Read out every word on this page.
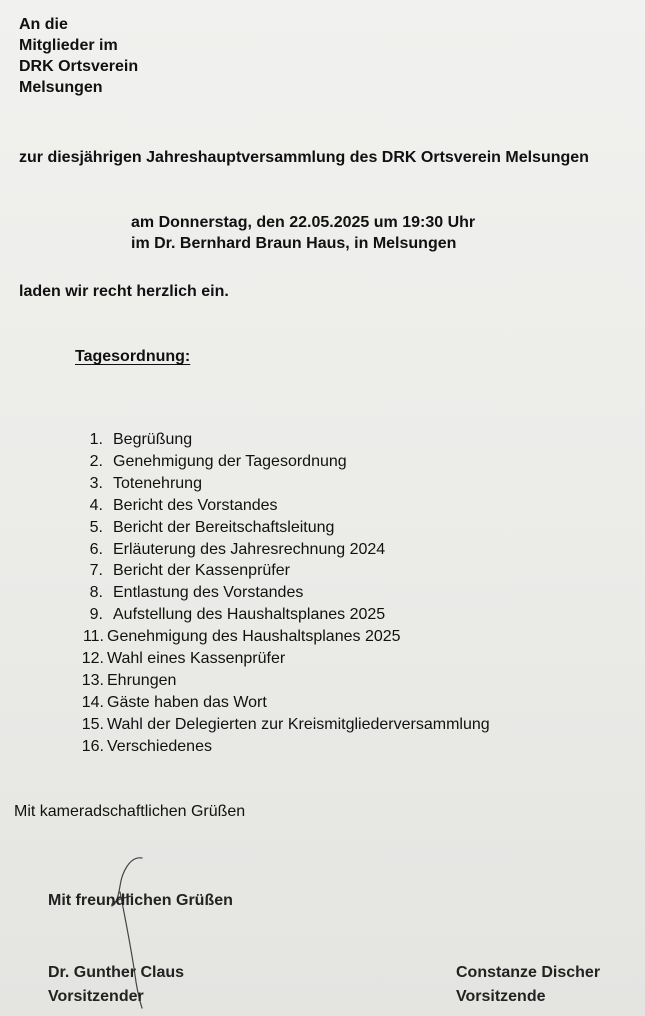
An die
Mitglieder im
DRK Ortsverein
Melsungen
zur diesjährigen Jahreshauptversammlung des DRK Ortsverein Melsungen
am Donnerstag, den 22.05.2025 um 19:30 Uhr
im Dr. Bernhard Braun Haus, in Melsungen
laden wir recht herzlich ein.
Tagesordnung:
1. Begrüßung
2. Genehmigung der Tagesordnung
3. Totenehrung
4. Bericht des Vorstandes
5. Bericht der Bereitschaftsleitung
6. Erläuterung des Jahresrechnung 2024
7. Bericht der Kassenprüfer
8. Entlastung des Vorstandes
9. Aufstellung des Haushaltsplanes 2025
11. Genehmigung des Haushaltsplanes 2025
12. Wahl eines Kassenprüfer
13. Ehrungen
14. Gäste haben das Wort
15. Wahl der Delegierten zur Kreismitgliederversammlung
16. Verschiedenes
Mit kameradschaftlichen Grüßen
Mit freundlichen Grüßen
Dr. Gunther Claus
Vorsitzender
Constanze Discher
Vorsitzende
